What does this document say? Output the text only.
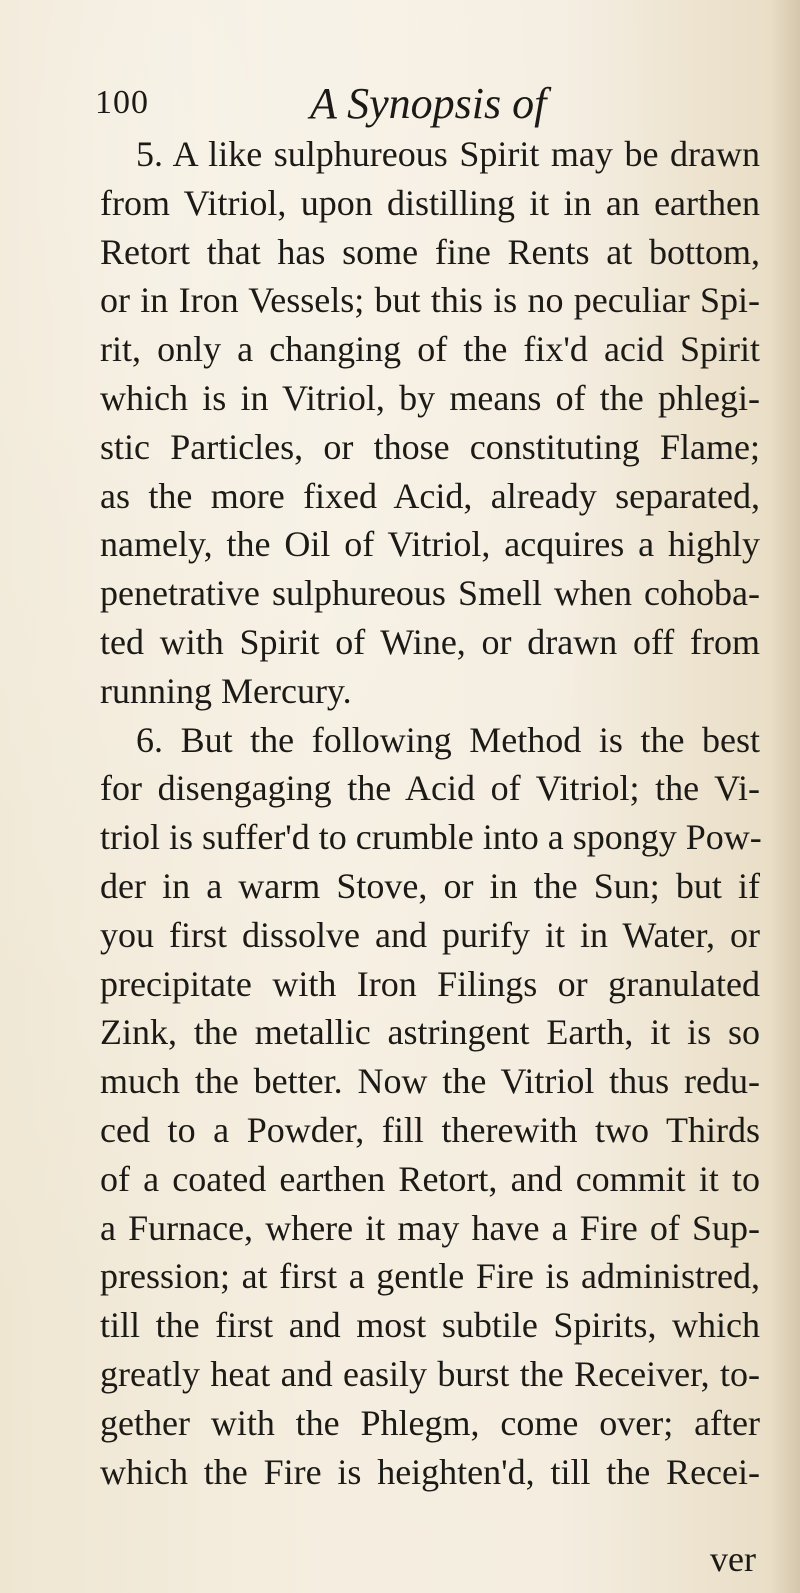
100	A Synopsis of
5. A like sulphureous Spirit may be drawn
from Vitriol, upon distilling it in an earthen
Retort that has some fine Rents at bottom,
or in Iron Vessels; but this is no peculiar Spi-
rit, only a changing of the fix'd acid Spirit
which is in Vitriol, by means of the phlegi-
stic Particles, or those constituting Flame;
as the more fixed Acid, already separated,
namely, the Oil of Vitriol, acquires a highly
penetrative sulphureous Smell when cohoba-
ted with Spirit of Wine, or drawn off from
running Mercury.
6. But the following Method is the best
for disengaging the Acid of Vitriol; the Vi-
triol is suffer'd to crumble into a spongy Pow-
der in a warm Stove, or in the Sun; but if
you first dissolve and purify it in Water, or
precipitate with Iron Filings or granulated
Zink, the metallic astringent Earth, it is so
much the better. Now the Vitriol thus redu-
ced to a Powder, fill therewith two Thirds
of a coated earthen Retort, and commit it to
a Furnace, where it may have a Fire of Sup-
pression; at first a gentle Fire is administred,
till the first and most subtile Spirits, which
greatly heat and easily burst the Receiver, to-
gether with the Phlegm, come over; after
which the Fire is heighten'd, till the Recei-
ver
